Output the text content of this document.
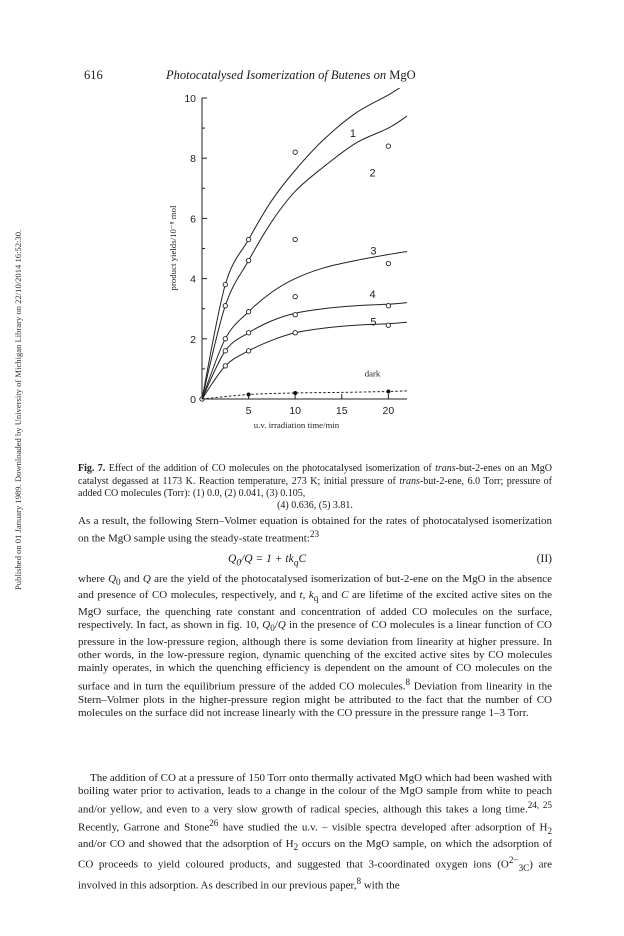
Published on 01 January 1989. Downloaded by University of Michigan Library on 22/10/2014 16:52:30.
616	Photocatalysed Isomerization of Butenes on MgO
0
2
4
6
8
10
5	10	15	20
u.v. irradiation time/min
product yields/10⁻⁸ mol
1
2
3
4
5
dark
Fig. 7. Effect of the addition of CO molecules on the photocatalysed isomerization of trans-but-2-enes on an MgO catalyst degassed at 1173 K. Reaction temperature, 273 K; initial pressure of trans-but-2-ene, 6.0 Torr; pressure of added CO molecules (Torr): (1) 0.0, (2) 0.041, (3) 0.105,
(4) 0.636, (5) 3.81.
As a result, the following Stern–Volmer equation is obtained for the rates of photocatalysed isomerization on the MgO sample using the steady-state treatment:$^{23}$
$Q_0/Q = 1 + tk_qC$	(II)
where $Q_0$ and Q are the yield of the photocatalysed isomerization of but-2-ene on the MgO in the absence and presence of CO molecules, respectively, and t, $k_q$ and C are lifetime of the excited active sites on the MgO surface, the quenching rate constant and concentration of added CO molecules on the surface, respectively. In fact, as shown in fig. 10, $Q_0/Q$ in the presence of CO molecules is a linear function of CO pressure in the low-pressure region, although there is some deviation from linearity at higher pressure. In other words, in the low-pressure region, dynamic quenching of the excited active sites by CO molecules mainly operates, in which the quenching efficiency is dependent on the amount of CO molecules on the surface and in turn the equilibrium pressure of the added CO molecules.$^8$ Deviation from linearity in the Stern–Volmer plots in the higher-pressure region might be attributed to the fact that the number of CO molecules on the surface did not increase linearly with the CO pressure in the pressure range 1–3 Torr.
The addition of CO at a pressure of 150 Torr onto thermally activated MgO which had been washed with boiling water prior to activation, leads to a change in the colour of the MgO sample from white to peach and/or yellow, and even to a very slow growth of radical species, although this takes a long time.$^{24, 25}$ Recently, Garrone and Stone$^{26}$ have studied the u.v. – visible spectra developed after adsorption of $H_2$ and/or CO and showed that the adsorption of $H_2$ occurs on the MgO sample, on which the adsorption of CO proceeds to yield coloured products, and suggested that 3-coordinated oxygen ions $(O^{2-}_{3C})$ are involved in this adsorption. As described in our previous paper,$^8$ with the
